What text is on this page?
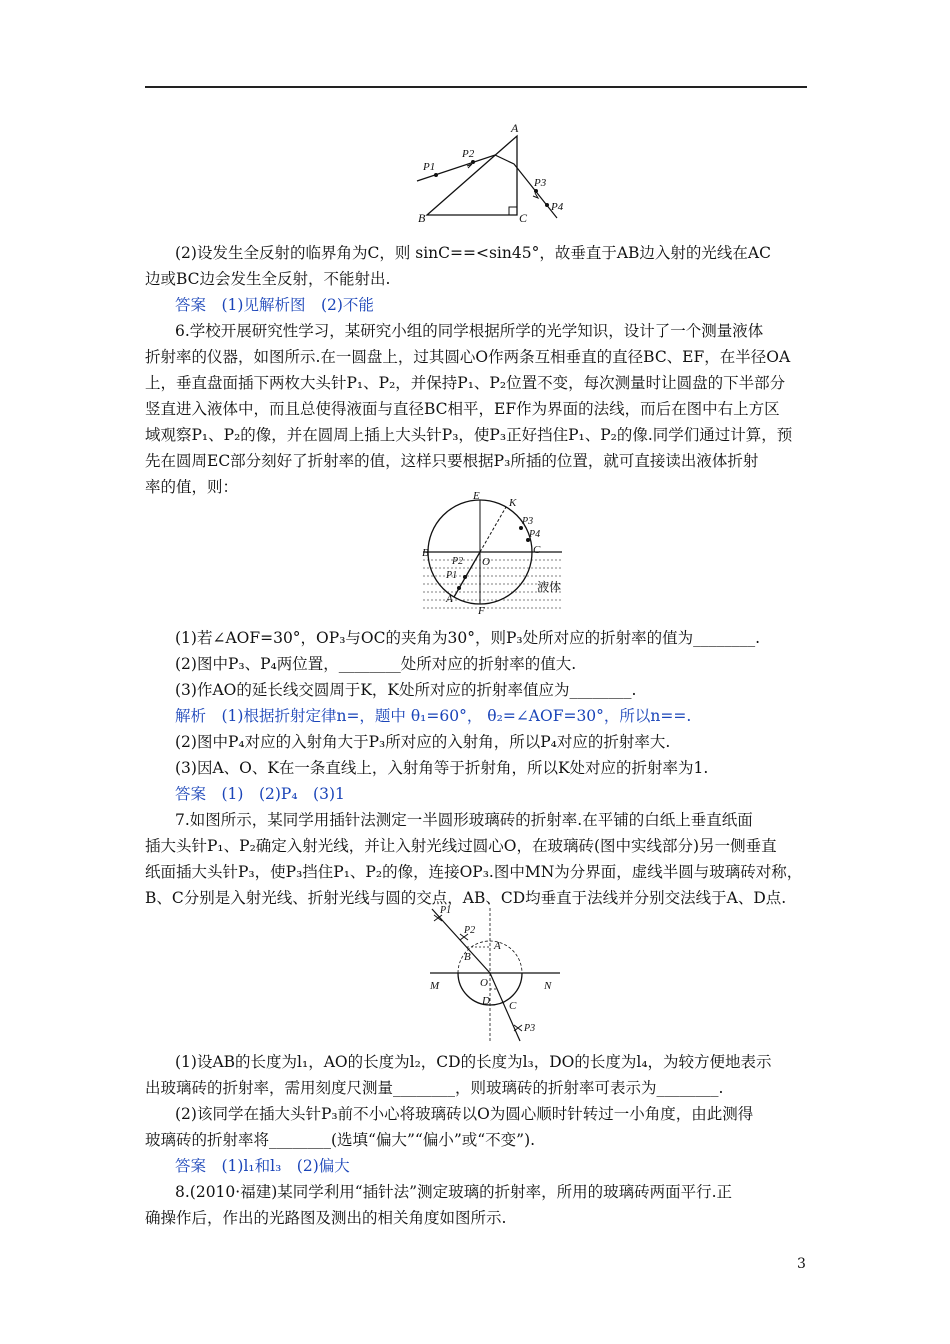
A
B	C
P1
P2
P3
P4
(2)设发生全反射的临界角为C，则 sinC==<sin45°，故垂直于AB边入射的光线在AC
边或BC边会发生全反射，不能射出.
答案　(1)见解析图　(2)不能
6.学校开展研究性学习，某研究小组的同学根据所学的光学知识，设计了一个测量液体
折射率的仪器，如图所示.在一圆盘上，过其圆心O作两条互相垂直的直径BC、EF，在半径OA
上，垂直盘面插下两枚大头针P₁、P₂，并保持P₁、P₂位置不变，每次测量时让圆盘的下半部分
竖直进入液体中，而且总使得液面与直径BC相平，EF作为界面的法线，而后在图中右上方区
域观察P₁、P₂的像，并在圆周上插上大头针P₃，使P₃正好挡住P₁、P₂的像.同学们通过计算，预
先在圆周EC部分刻好了折射率的值，这样只要根据P₃所插的位置，就可直接读出液体折射
率的值，则：	E
K
P3
P4
B	C
P2 O
P1
A
F
液体
(1)若∠AOF=30°，OP₃与OC的夹角为30°，则P₃处所对应的折射率的值为________.
(2)图中P₃、P₄两位置，________处所对应的折射率的值大.
(3)作AO的延长线交圆周于K，K处所对应的折射率值应为________.
解析　(1)根据折射定律n=，题中 θ₁=60°， θ₂=∠AOF=30°，所以n==.
(2)图中P₄对应的入射角大于P₃所对应的入射角，所以P₄对应的折射率大.
(3)因A、O、K在一条直线上，入射角等于折射角，所以K处对应的折射率为1.
答案　(1)　(2)P₄　(3)1
7.如图所示，某同学用插针法测定一半圆形玻璃砖的折射率.在平铺的白纸上垂直纸面
插大头针P₁、P₂确定入射光线，并让入射光线过圆心O，在玻璃砖(图中实线部分)另一侧垂直
纸面插大头针P₃，使P₃挡住P₁、P₂的像，连接OP₃.图中MN为分界面，虚线半圆与玻璃砖对称，
B、C分别是入射光线、折射光线与圆的交点，AB、CD均垂直于法线并分别交法线于A、D点.
P1
P2
A
B
M	O	N
D C
P3
(1)设AB的长度为l₁，AO的长度为l₂，CD的长度为l₃，DO的长度为l₄，为较方便地表示
出玻璃砖的折射率，需用刻度尺测量________，则玻璃砖的折射率可表示为________.
(2)该同学在插大头针P₃前不小心将玻璃砖以O为圆心顺时针转过一小角度，由此测得
玻璃砖的折射率将________(选填“偏大”“偏小”或“不变”).
答案　(1)l₁和l₃　(2)偏大
8.(2010·福建)某同学利用“插针法”测定玻璃的折射率，所用的玻璃砖两面平行.正
确操作后，作出的光路图及测出的相关角度如图所示.
3
